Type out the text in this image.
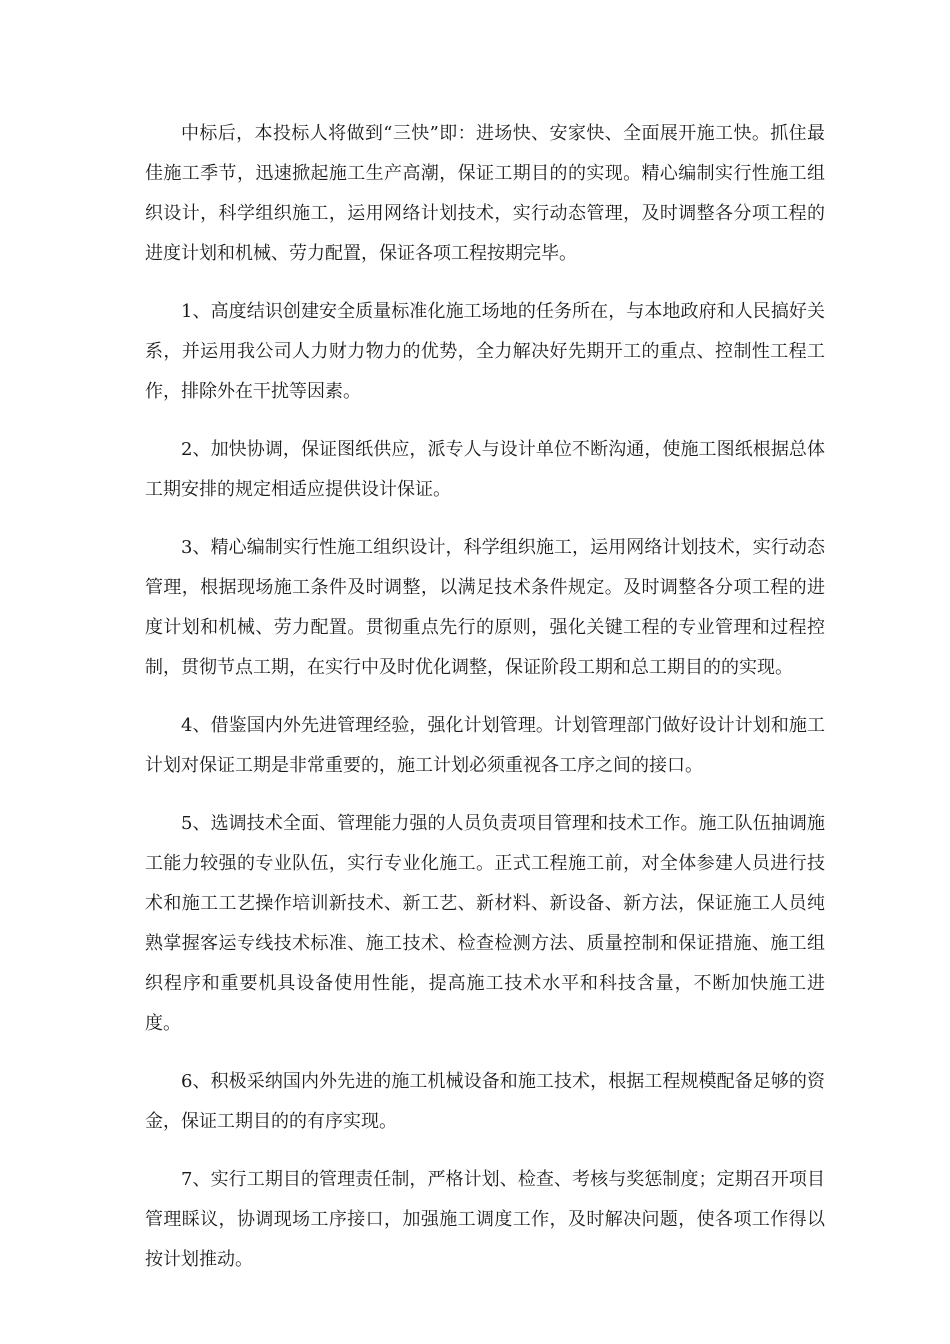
中标后，本投标人将做到“三快”即：进场快、安家快、全面展开施工快。抓住最佳施工季节，迅速掀起施工生产高潮，保证工期目的的实现。精心编制实行性施工组织设计，科学组织施工，运用网络计划技术，实行动态管理，及时调整各分项工程的进度计划和机械、劳力配置，保证各项工程按期完毕。

1、高度结识创建安全质量标准化施工场地的任务所在，与本地政府和人民搞好关系，并运用我公司人力财力物力的优势，全力解决好先期开工的重点、控制性工程工作，排除外在干扰等因素。

2、加快协调，保证图纸供应，派专人与设计单位不断沟通，使施工图纸根据总体工期安排的规定相适应提供设计保证。

3、精心编制实行性施工组织设计，科学组织施工，运用网络计划技术，实行动态管理，根据现场施工条件及时调整，以满足技术条件规定。及时调整各分项工程的进度计划和机械、劳力配置。贯彻重点先行的原则，强化关键工程的专业管理和过程控制，贯彻节点工期，在实行中及时优化调整，保证阶段工期和总工期目的的实现。

4、借鉴国内外先进管理经验，强化计划管理。计划管理部门做好设计计划和施工计划对保证工期是非常重要的，施工计划必须重视各工序之间的接口。

5、选调技术全面、管理能力强的人员负责项目管理和技术工作。施工队伍抽调施工能力较强的专业队伍，实行专业化施工。正式工程施工前，对全体参建人员进行技术和施工工艺操作培训新技术、新工艺、新材料、新设备、新方法，保证施工人员纯熟掌握客运专线技术标准、施工技术、检查检测方法、质量控制和保证措施、施工组织程序和重要机具设备使用性能，提高施工技术水平和科技含量，不断加快施工进度。

6、积极采纳国内外先进的施工机械设备和施工技术，根据工程规模配备足够的资金，保证工期目的的有序实现。

7、实行工期目的管理责任制，严格计划、检查、考核与奖惩制度；定期召开项目管理睬议，协调现场工序接口，加强施工调度工作，及时解决问题，使各项工作得以按计划推动。
